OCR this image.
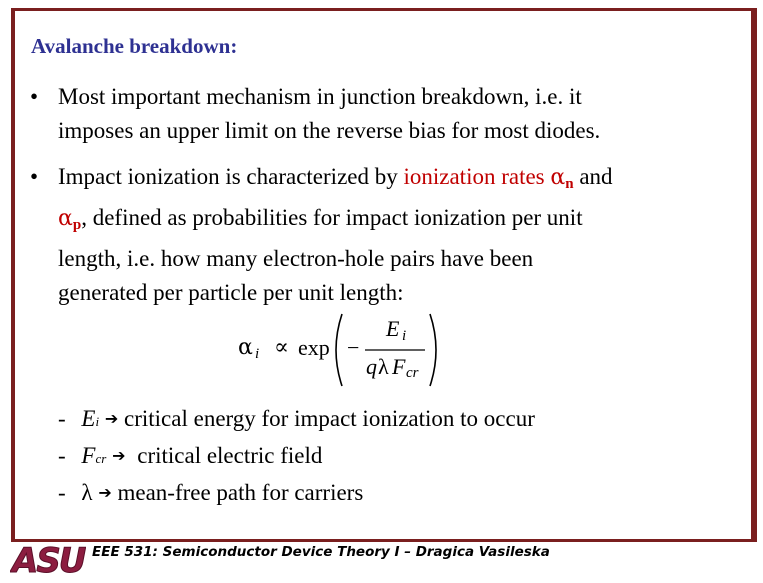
Avalanche breakdown:
• Most important mechanism in junction breakdown, i.e. it
imposes an upper limit on the reverse bias for most diodes.
• Impact ionization is characterized by ionization rates $\alpha_n$ and
$\alpha_p$, defined as probabilities for impact ionization per unit
length, i.e. how many electron-hole pairs have been
generated per particle per unit length:
α i ∝ exp −
E i
q λ F cr
- Ei ➔ critical energy for impact ionization to occur
- Fcr ➔ critical electric field
- λ ➔ mean-free path for carriers
ASU EEE 531: Semiconductor Device Theory I – Dragica Vasileska
